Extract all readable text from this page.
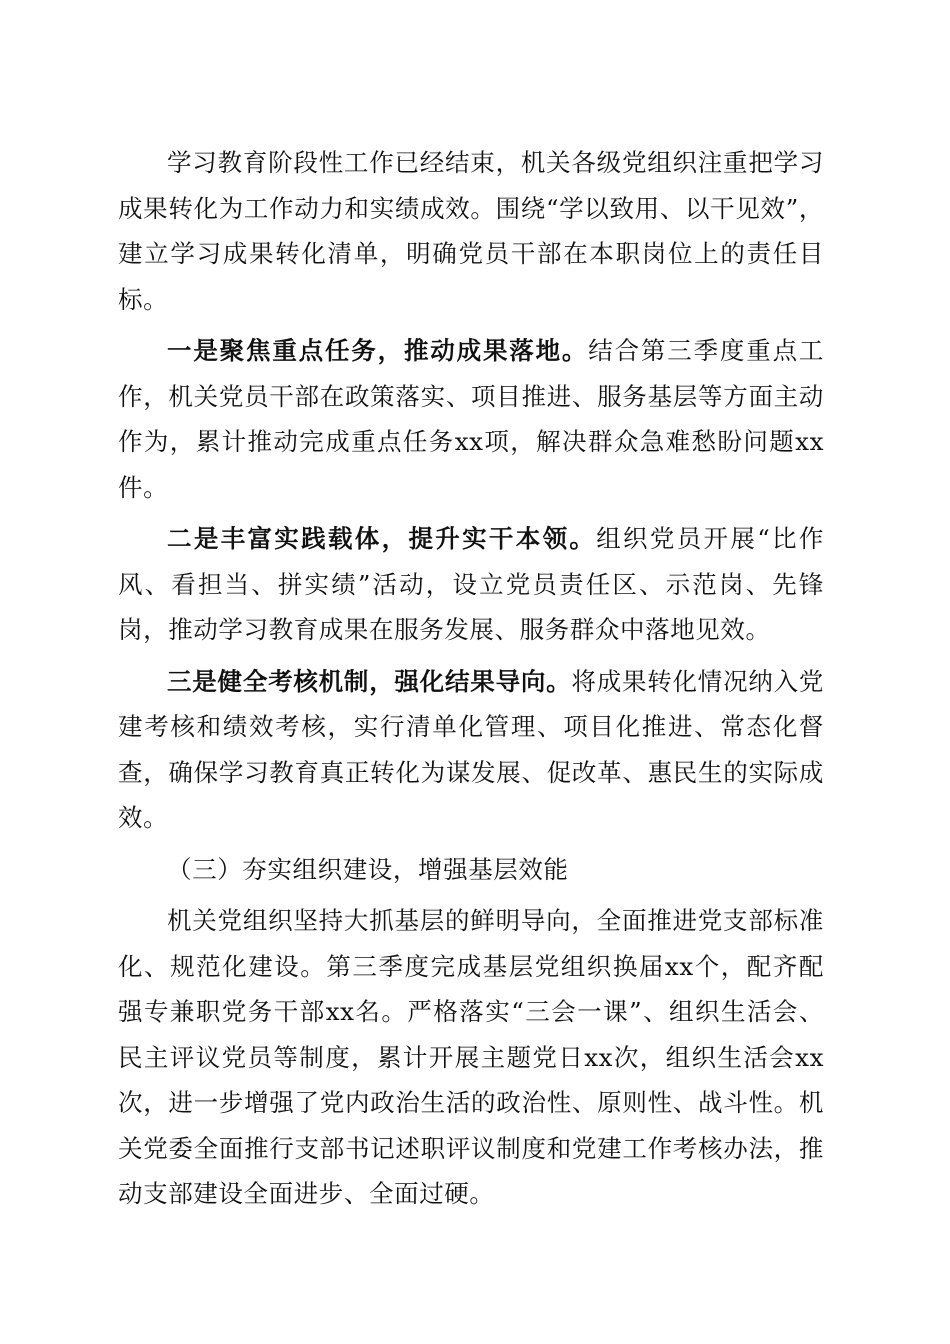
学习教育阶段性工作已经结束，机关各级党组织注重把学习成果转化为工作动力和实绩成效。围绕“学以致用、以干见效”，建立学习成果转化清单，明确党员干部在本职岗位上的责任目标。

一是聚焦重点任务，推动成果落地。结合第三季度重点工作，机关党员干部在政策落实、项目推进、服务基层等方面主动作为，累计推动完成重点任务xx项，解决群众急难愁盼问题xx件。

二是丰富实践载体，提升实干本领。组织党员开展“比作风、看担当、拼实绩”活动，设立党员责任区、示范岗、先锋岗，推动学习教育成果在服务发展、服务群众中落地见效。

三是健全考核机制，强化结果导向。将成果转化情况纳入党建考核和绩效考核，实行清单化管理、项目化推进、常态化督查，确保学习教育真正转化为谋发展、促改革、惠民生的实际成效。

（三）夯实组织建设，增强基层效能

机关党组织坚持大抓基层的鲜明导向，全面推进党支部标准化、规范化建设。第三季度完成基层党组织换届xx个，配齐配强专兼职党务干部xx名。严格落实“三会一课”、组织生活会、民主评议党员等制度，累计开展主题党日xx次，组织生活会xx次，进一步增强了党内政治生活的政治性、原则性、战斗性。机关党委全面推行支部书记述职评议制度和党建工作考核办法，推动支部建设全面进步、全面过硬。
